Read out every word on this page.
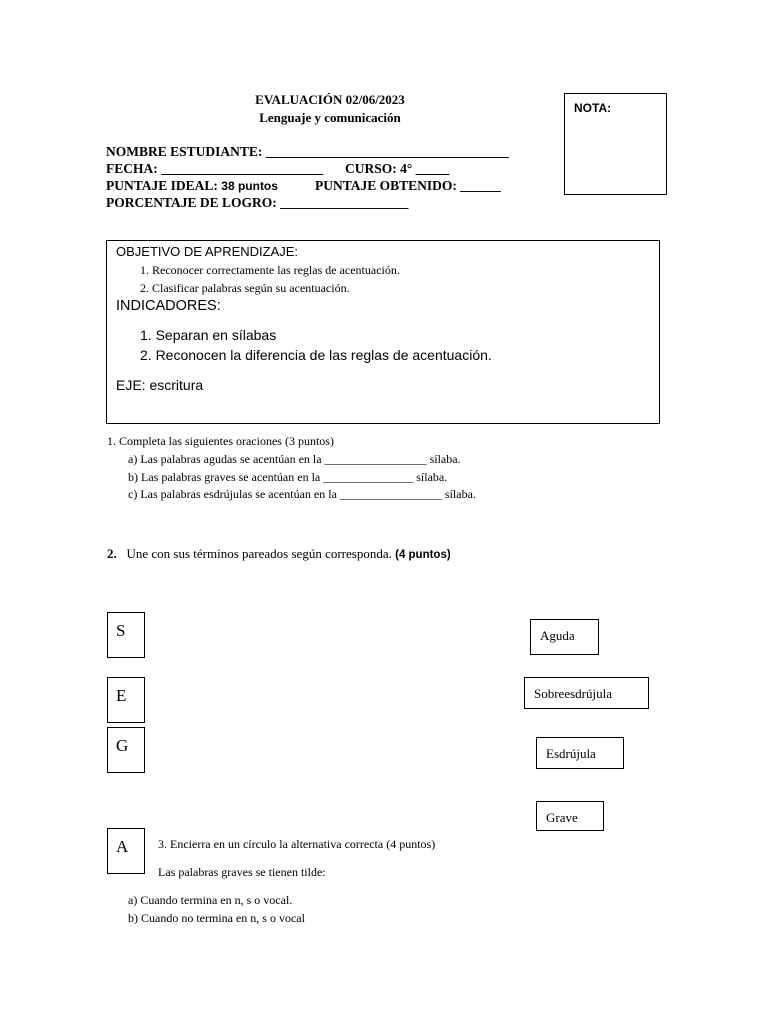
EVALUACIÓN 02/06/2023
Lenguaje y comunicación
NOMBRE ESTUDIANTE: ____________________________________
FECHA: ________________________ CURSO: 4° _____
PUNTAJE IDEAL: 38 puntos	PUNTAJE OBTENIDO: ______
PORCENTAJE DE LOGRO: ___________________
NOTA:
OBJETIVO DE APRENDIZAJE:
1. Reconocer correctamente las reglas de acentuación.
2. Clasificar palabras según su acentuación.
INDICADORES:
1. Separan en sílabas
2. Reconocen la diferencia de las reglas de acentuación.
EJE: escritura
1. Completa las siguientes oraciones (3 puntos)
a) Las palabras agudas se acentúan en la _________________ sílaba.
b) Las palabras graves se acentúan en la _______________ sílaba.
c) Las palabras esdrújulas se acentúan en la _________________ sílaba.
2. Une con sus términos pareados según corresponda. (4 puntos)
S
E
G
A
Aguda
Sobreesdrújula
Esdrújula
Grave
3. Encierra en un círculo la alternativa correcta (4 puntos)
Las palabras graves se tienen tilde:
a) Cuando termina en n, s o vocal.
b) Cuando no termina en n, s o vocal
